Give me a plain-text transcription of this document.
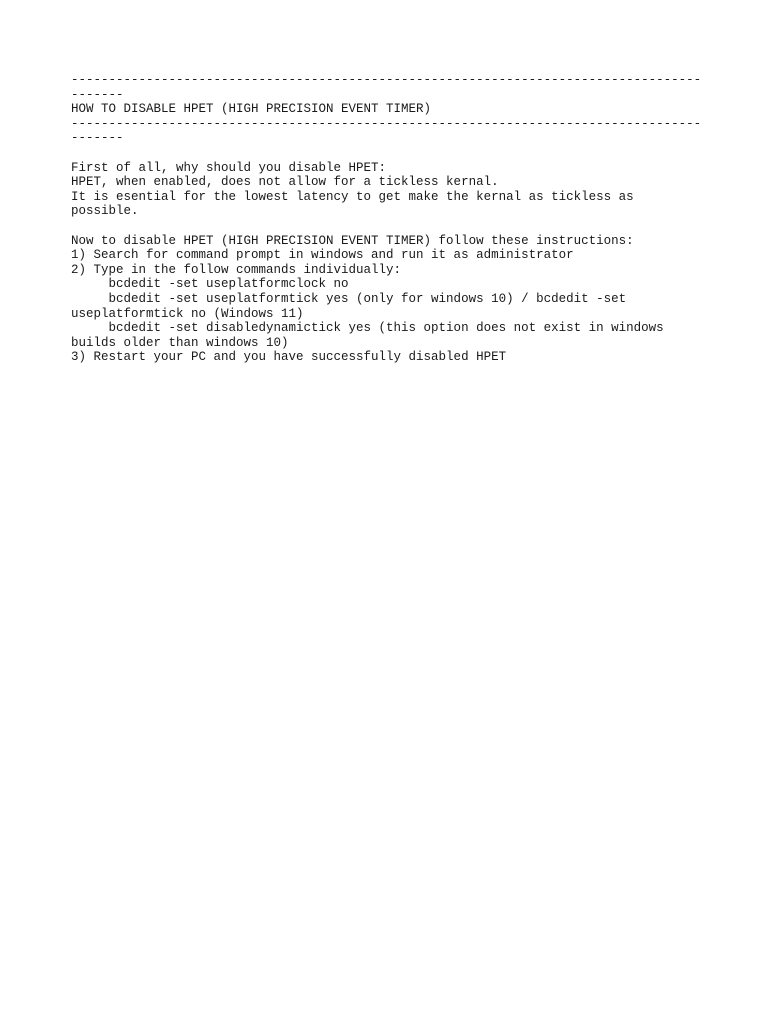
------------------------------------------------------------------------------------
-------
HOW TO DISABLE HPET (HIGH PRECISION EVENT TIMER)
------------------------------------------------------------------------------------
-------
First of all, why should you disable HPET:
HPET, when enabled, does not allow for a tickless kernal.
It is esential for the lowest latency to get make the kernal as tickless as
possible.
Now to disable HPET (HIGH PRECISION EVENT TIMER) follow these instructions:
1) Search for command prompt in windows and run it as administrator
2) Type in the follow commands individually:
bcdedit -set useplatformclock no
bcdedit -set useplatformtick yes (only for windows 10) / bcdedit -set
useplatformtick no (Windows 11)
bcdedit -set disabledynamictick yes (this option does not exist in windows
builds older than windows 10)
3) Restart your PC and you have successfully disabled HPET
